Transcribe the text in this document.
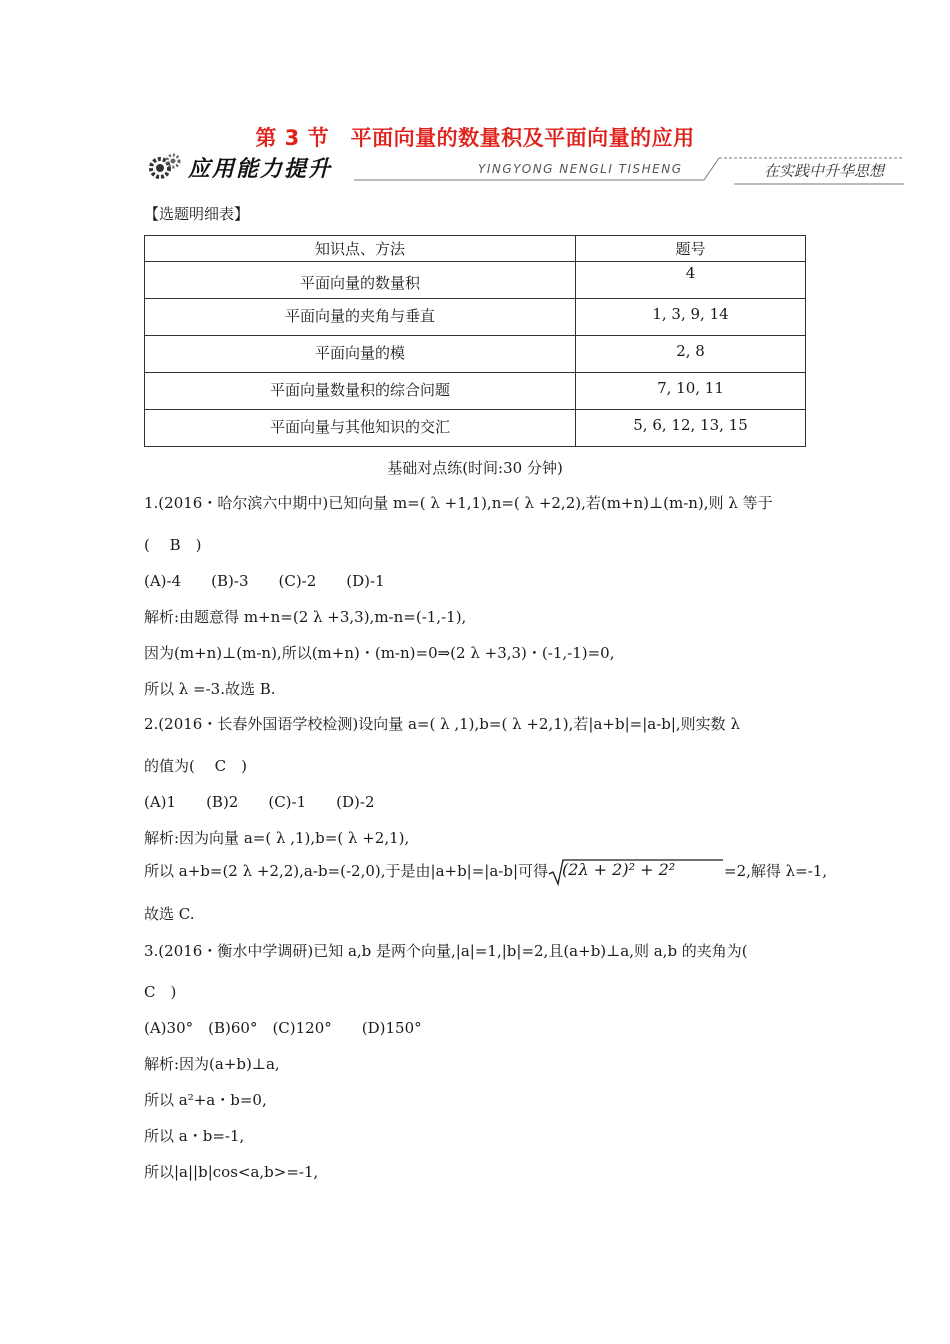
第 3 节　平面向量的数量积及平面向量的应用
应用能力提升	YINGYONG NENGLI TISHENG	在实践中升华思想
【选题明细表】
知识点、方法	题号
平面向量的数量积	4
平面向量的夹角与垂直	1, 3, 9, 14
平面向量的模	2, 8
平面向量数量积的综合问题	7, 10, 11
平面向量与其他知识的交汇	5, 6, 12, 13, 15
基础对点练(时间:30 分钟)
1.(2016・哈尔滨六中期中)已知向量 m=( λ +1,1),n=( λ +2,2),若(m+n)⊥(m-n),则 λ 等于
(　 B　)
(A)-4　　(B)-3　　(C)-2　　(D)-1
解析:由题意得 m+n=(2 λ +3,3),m-n=(-1,-1),
因为(m+n)⊥(m-n),所以(m+n)・(m-n)=0⇒(2 λ +3,3)・(-1,-1)=0,
所以 λ =-3.故选 B.
2.(2016・长春外国语学校检测)设向量 a=( λ ,1),b=( λ +2,1),若|a+b|=|a-b|,则实数 λ
的值为(　 C　)
(A)1　　(B)2　　(C)-1　　(D)-2
解析:因为向量 a=( λ ,1),b=( λ +2,1),
所以 a+b=(2 λ +2,2),a-b=(-2,0),于是由|a+b|=|a-b|可得 (2λ + 2)² + 2²	=2,解得 λ=-1,
故选 C.
3.(2016・衡水中学调研)已知 a,b 是两个向量,|a|=1,|b|=2,且(a+b)⊥a,则 a,b 的夹角为(
C　)
(A)30°　(B)60°　(C)120°　　(D)150°
解析:因为(a+b)⊥a,
所以 a²+a・b=0,
所以 a・b=-1,
所以|a||b|cos<a,b>=-1,
